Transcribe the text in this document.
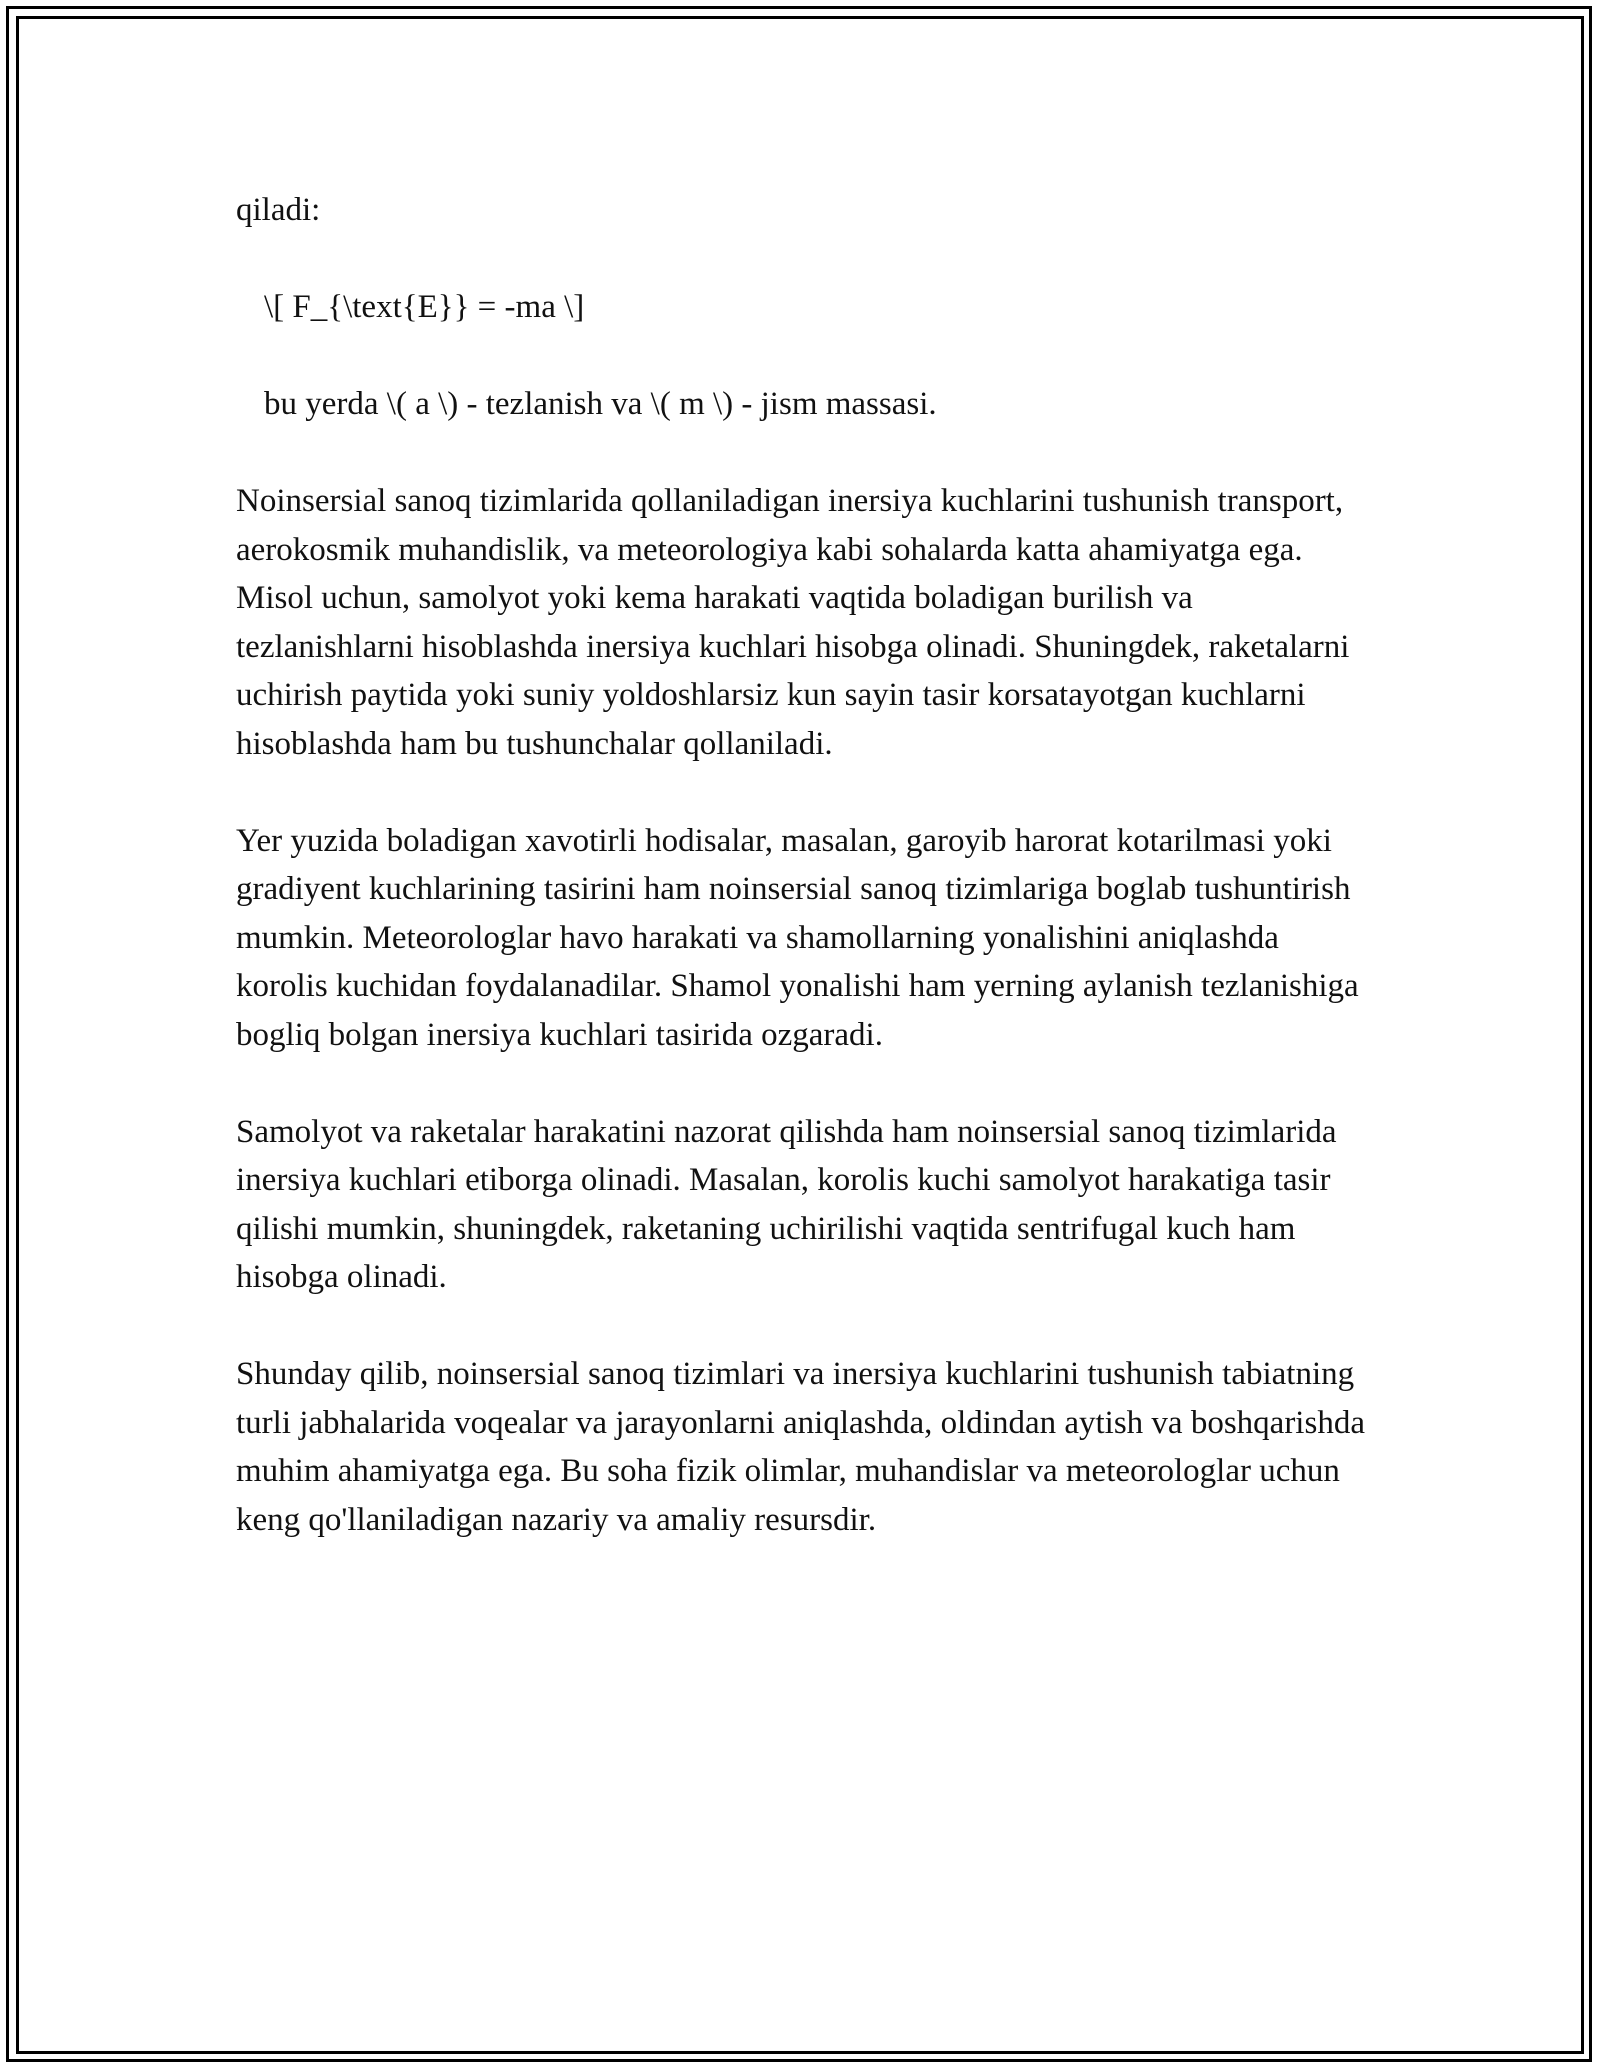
qiladi:

\[ F_{\text{E}} = -ma \]

bu yerda \( a \) - tezlanish va \( m \) - jism massasi.

Noinsersial sanoq tizimlarida qollaniladigan inersiya kuchlarini tushunish transport, aerokosmik muhandislik, va meteorologiya kabi sohalarda katta ahamiyatga ega. Misol uchun, samolyot yoki kema harakati vaqtida boladigan burilish va tezlanishlarni hisoblashda inersiya kuchlari hisobga olinadi. Shuningdek, raketalarni uchirish paytida yoki suniy yoldoshlarsiz kun sayin tasir korsatayotgan kuchlarni hisoblashda ham bu tushunchalar qollaniladi.

Yer yuzida boladigan xavotirli hodisalar, masalan, garoyib harorat kotarilmasi yoki gradiyent kuchlarining tasirini ham noinsersial sanoq tizimlariga boglab tushuntirish mumkin. Meteorologlar havo harakati va shamollarning yonalishini aniqlashda korolis kuchidan foydalanadilar. Shamol yonalishi ham yerning aylanish tezlanishiga bogliq bolgan inersiya kuchlari tasirida ozgaradi.

Samolyot va raketalar harakatini nazorat qilishda ham noinsersial sanoq tizimlarida inersiya kuchlari etiborga olinadi. Masalan, korolis kuchi samolyot harakatiga tasir qilishi mumkin, shuningdek, raketaning uchirilishi vaqtida sentrifugal kuch ham hisobga olinadi.

Shunday qilib, noinsersial sanoq tizimlari va inersiya kuchlarini tushunish tabiatning turli jabhalarida voqealar va jarayonlarni aniqlashda, oldindan aytish va boshqarishda muhim ahamiyatga ega. Bu soha fizik olimlar, muhandislar va meteorologlar uchun keng qo'llaniladigan nazariy va amaliy resursdir.
